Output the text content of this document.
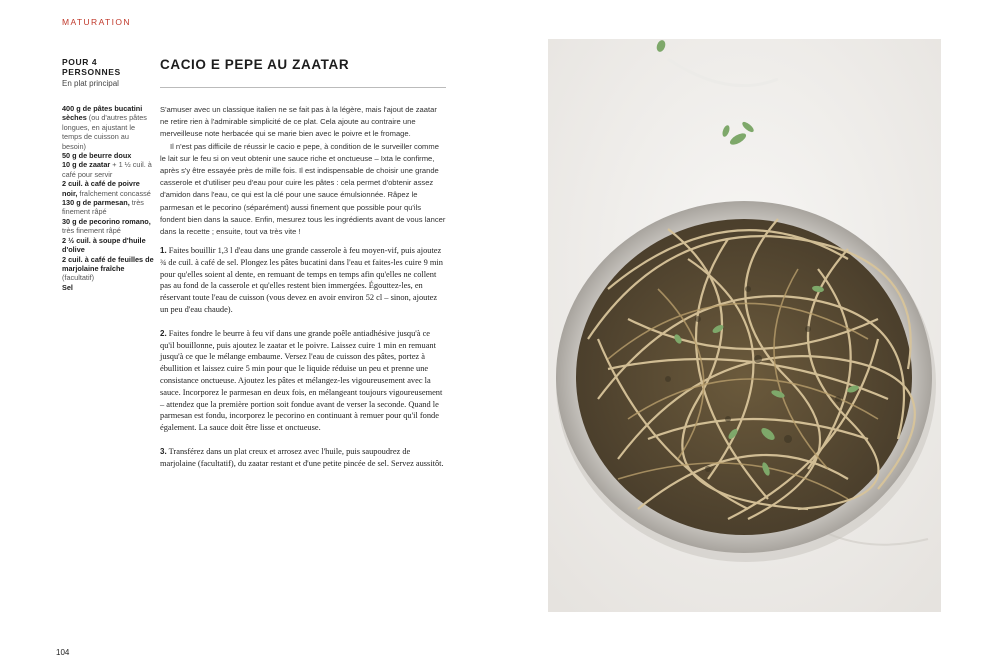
MATURATION
POUR 4 PERSONNES
En plat principal
400 g de pâtes bucatini sèches (ou d'autres pâtes longues, en ajustant le temps de cuisson au besoin)
50 g de beurre doux
10 g de zaatar + 1 ½ cuil. à café pour servir
2 cuil. à café de poivre noir, fraîchement concassé
130 g de parmesan, très finement râpé
30 g de pecorino romano, très finement râpé
2 ½ cuil. à soupe d'huile d'olive
2 cuil. à café de feuilles de marjolaine fraîche (facultatif)
Sel
CACIO E PEPE AU ZAATAR

S'amuser avec un classique italien ne se fait pas à la légère, mais l'ajout de zaatar ne retire rien à l'admirable simplicité de ce plat. Cela ajoute au contraire une merveilleuse note herbacée qui se marie bien avec le poivre et le fromage.

Il n'est pas difficile de réussir le cacio e pepe, à condition de le surveiller comme le lait sur le feu si on veut obtenir une sauce riche et onctueuse – Ixta le confirme, après s'y être essayée près de mille fois. Il est indispensable de choisir une grande casserole et d'utiliser peu d'eau pour cuire les pâtes : cela permet d'obtenir assez d'amidon dans l'eau, ce qui est la clé pour une sauce émulsionnée. Râpez le parmesan et le pecorino (séparément) aussi finement que possible pour qu'ils fondent bien dans la sauce. Enfin, mesurez tous les ingrédients avant de vous lancer dans la recette ; ensuite, tout va très vite !

1. Faites bouillir 1,3 l d'eau dans une grande casserole à feu moyen-vif, puis ajoutez ¾ de cuil. à café de sel. Plongez les pâtes bucatini dans l'eau et faites-les cuire 9 min pour qu'elles soient al dente, en remuant de temps en temps afin qu'elles ne collent pas au fond de la casserole et qu'elles restent bien immergées. Égouttez-les, en réservant toute l'eau de cuisson (vous devez en avoir environ 52 cl – sinon, ajoutez un peu d'eau chaude).

2. Faites fondre le beurre à feu vif dans une grande poêle antiadhésive jusqu'à ce qu'il bouillonne, puis ajoutez le zaatar et le poivre. Laissez cuire 1 min en remuant jusqu'à ce que le mélange embaume. Versez l'eau de cuisson des pâtes, portez à ébullition et laissez cuire 5 min pour que le liquide réduise un peu et prenne une consistance onctueuse. Ajoutez les pâtes et mélangez-les vigoureusement avec la sauce. Incorporez le parmesan en deux fois, en mélangeant toujours vigoureusement – attendez que la première portion soit fondue avant de verser la seconde. Quand le parmesan est fondu, incorporez le pecorino en continuant à remuer pour qu'il fonde également. La sauce doit être lisse et onctueuse.

3. Transférez dans un plat creux et arrosez avec l'huile, puis saupoudrez de marjolaine (facultatif), du zaatar restant et d'une petite pincée de sel. Servez aussitôt.

104
